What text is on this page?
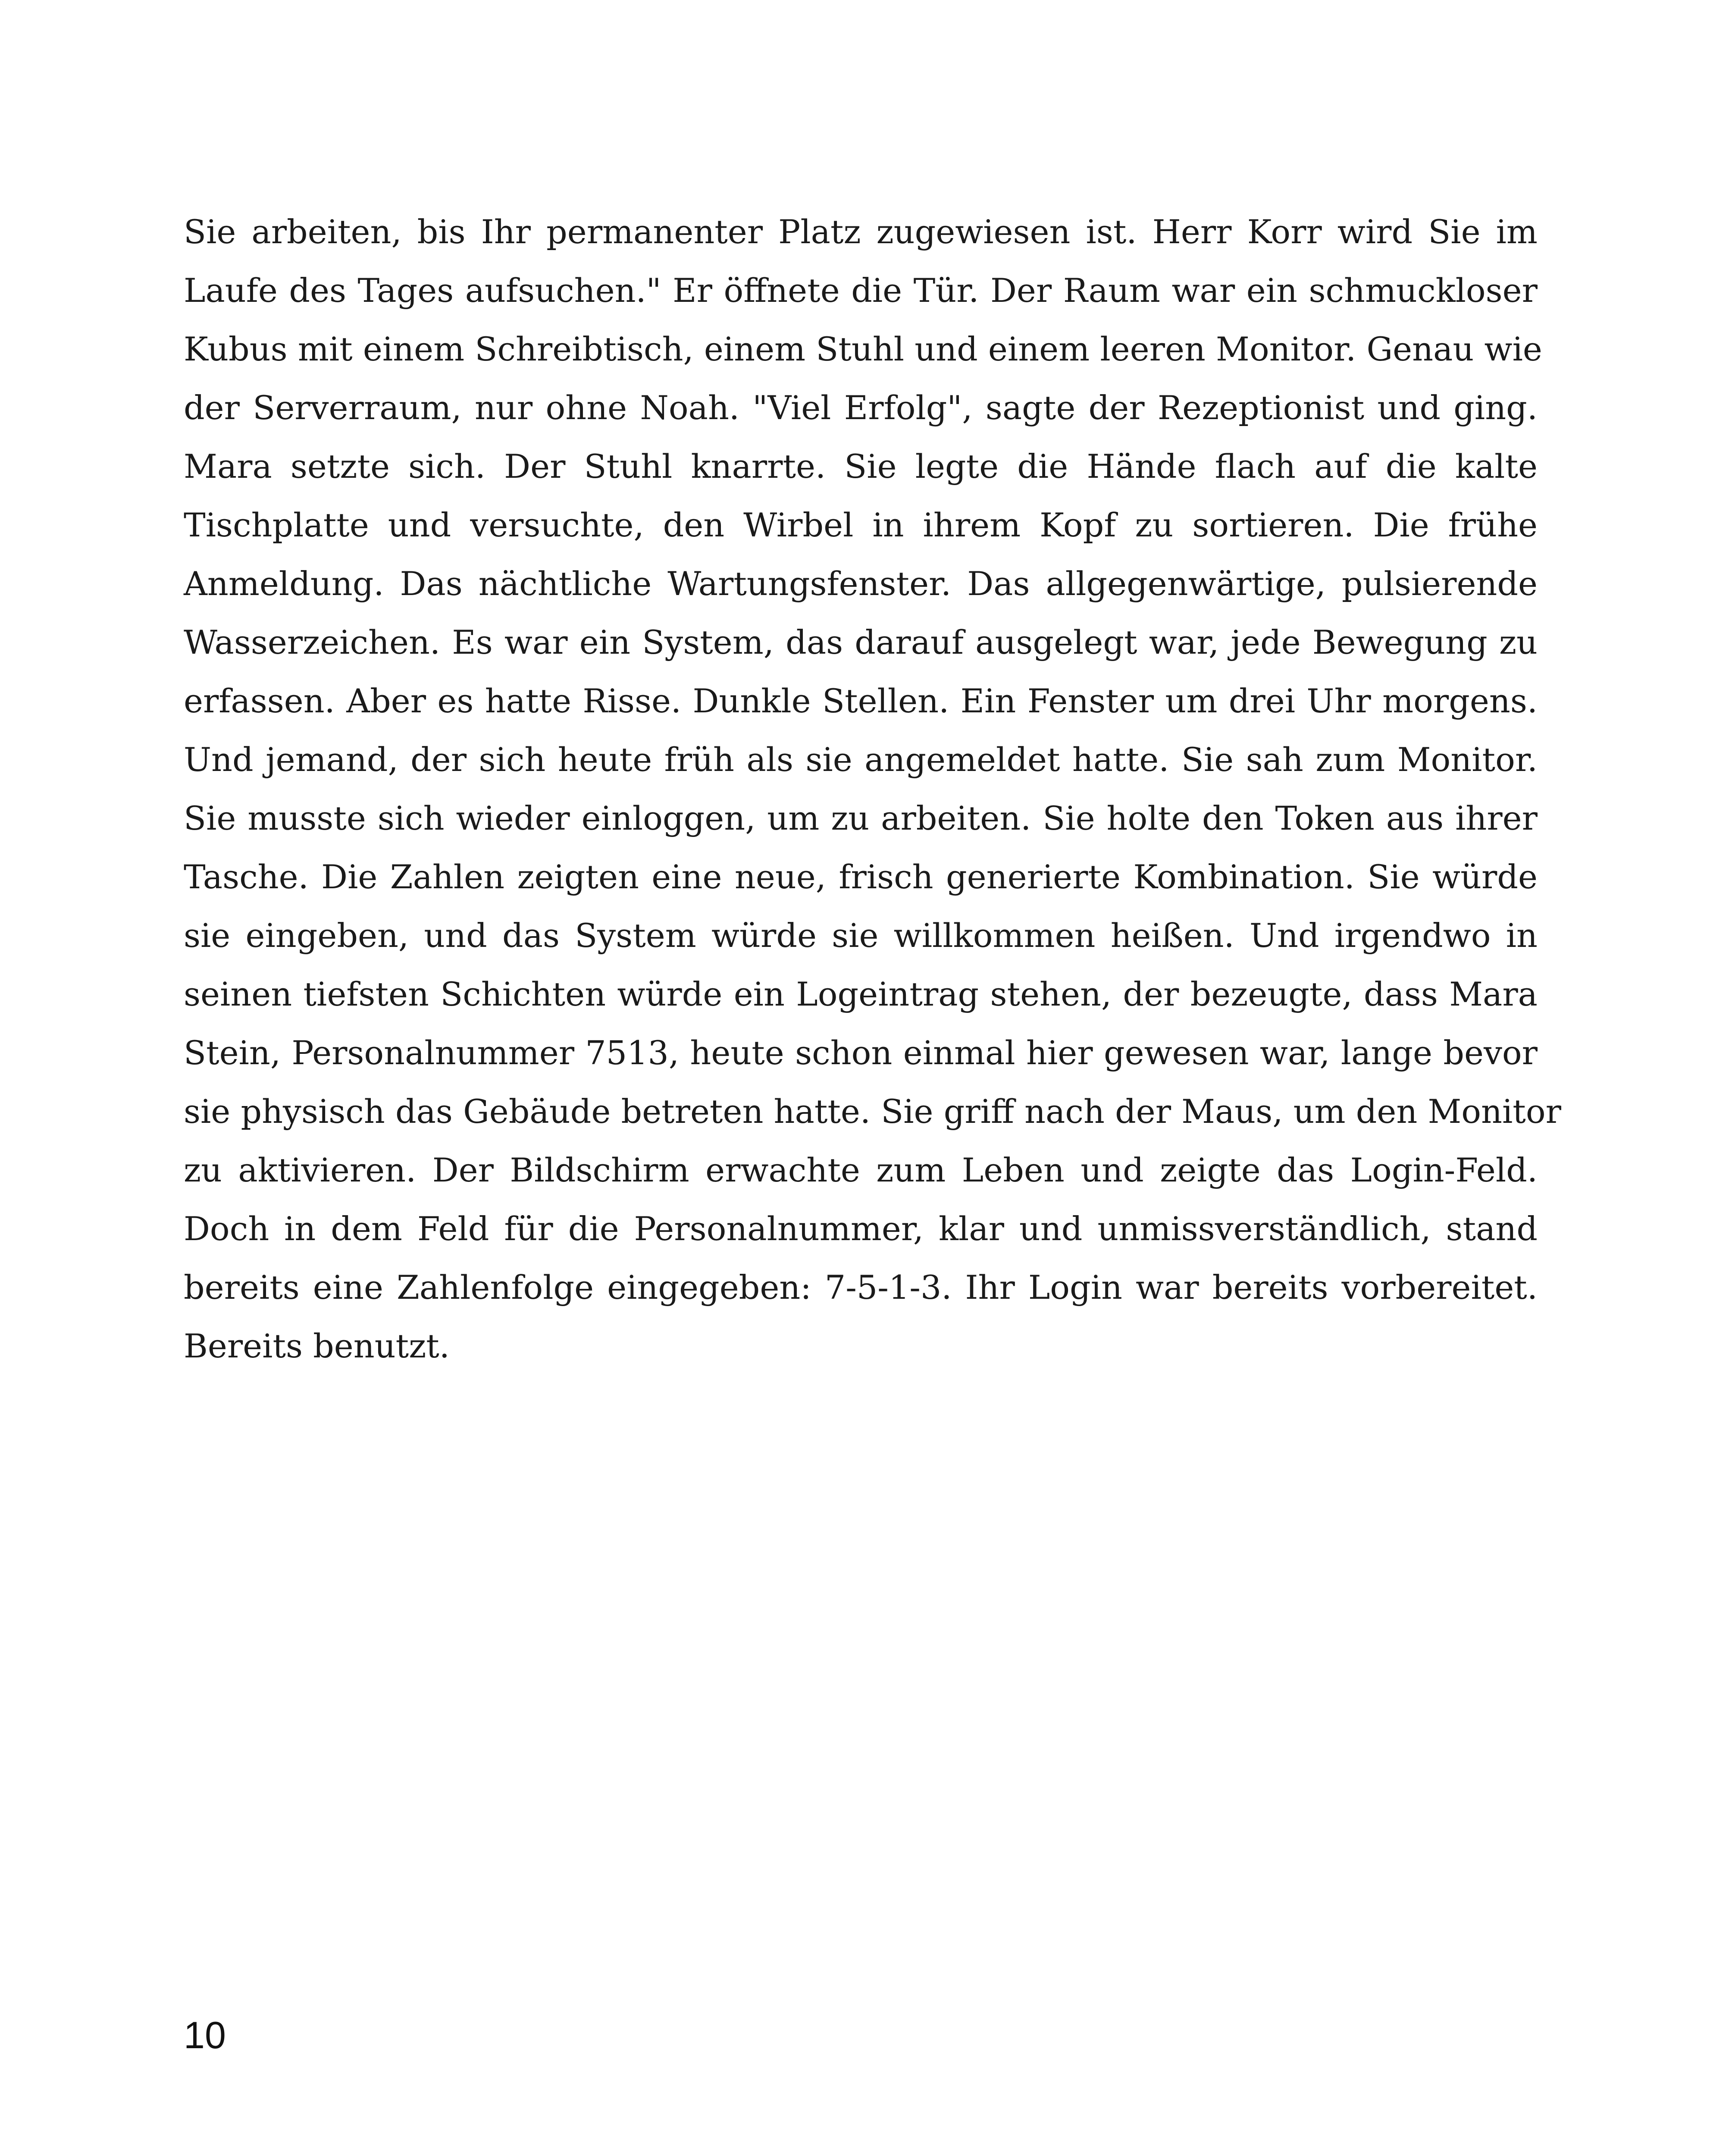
Sie arbeiten, bis Ihr permanenter Platz zugewiesen ist. Herr Korr wird Sie im
Laufe des Tages aufsuchen." Er öffnete die Tür. Der Raum war ein schmuckloser
Kubus mit einem Schreibtisch, einem Stuhl und einem leeren Monitor. Genau wie
der Serverraum, nur ohne Noah. "Viel Erfolg", sagte der Rezeptionist und ging.
Mara setzte sich. Der Stuhl knarrte. Sie legte die Hände flach auf die kalte
Tischplatte und versuchte, den Wirbel in ihrem Kopf zu sortieren. Die frühe
Anmeldung. Das nächtliche Wartungsfenster. Das allgegenwärtige, pulsierende
Wasserzeichen. Es war ein System, das darauf ausgelegt war, jede Bewegung zu
erfassen. Aber es hatte Risse. Dunkle Stellen. Ein Fenster um drei Uhr morgens.
Und jemand, der sich heute früh als sie angemeldet hatte. Sie sah zum Monitor.
Sie musste sich wieder einloggen, um zu arbeiten. Sie holte den Token aus ihrer
Tasche. Die Zahlen zeigten eine neue, frisch generierte Kombination. Sie würde
sie eingeben, und das System würde sie willkommen heißen. Und irgendwo in
seinen tiefsten Schichten würde ein Logeintrag stehen, der bezeugte, dass Mara
Stein, Personalnummer 7513, heute schon einmal hier gewesen war, lange bevor
sie physisch das Gebäude betreten hatte. Sie griff nach der Maus, um den Monitor
zu aktivieren. Der Bildschirm erwachte zum Leben und zeigte das Login-Feld.
Doch in dem Feld für die Personalnummer, klar und unmissverständlich, stand
bereits eine Zahlenfolge eingegeben: 7-5-1-3. Ihr Login war bereits vorbereitet.
Bereits benutzt.
10
